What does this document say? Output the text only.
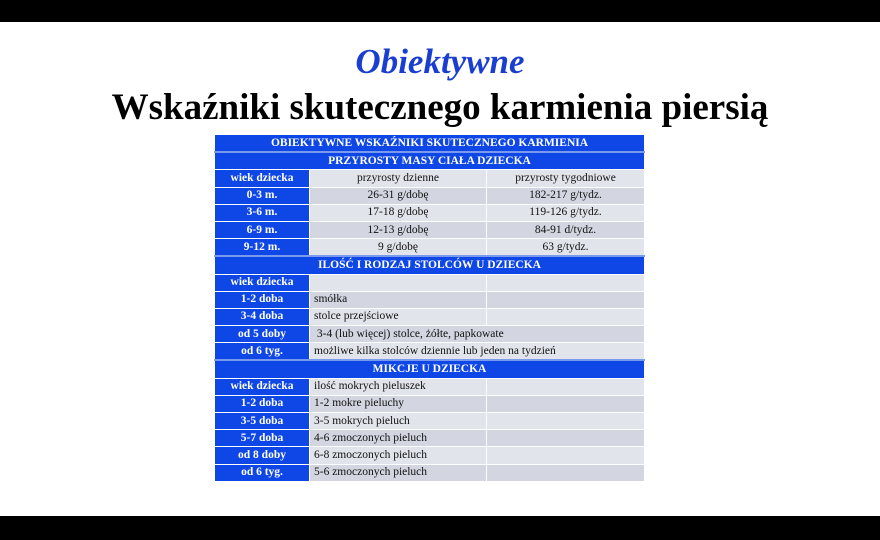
Obiektywne
Wskaźniki skutecznego karmienia piersią
OBIEKTYWNE WSKAŹNIKI SKUTECZNEGO KARMIENIA		
PRZYROSTY MASY CIAŁA DZIECKA		
wiek dziecka	przyrosty dzienne	przyrosty tygodniowe
0-3 m.	26-31 g/dobę	182-217 g/tydz.
3-6 m.	17-18 g/dobę	119-126 g/tydz.
6-9 m.	12-13 g/dobę	84-91 d/tydz.
9-12 m.	9 g/dobę	63 g/tydz.
ILOŚĆ I RODZAJ STOLCÓW U DZIECKA		
wiek dziecka		
1-2 doba	smółka	
3-4 doba	stolce przejściowe	
od 5 doby	3-4 (lub więcej) stolce, żółte, papkowate	
od 6 tyg.	możliwe kilka stolców dziennie lub jeden na tydzień	
MIKCJE U DZIECKA		
wiek dziecka	ilość mokrych pieluszek	
1-2 doba	1-2 mokre pieluchy	
3-5 doba	3-5 mokrych pieluch	
5-7 doba	4-6 zmoczonych pieluch	
od 8 doby	6-8 zmoczonych pieluch	
od 6 tyg.	5-6 zmoczonych pieluch	
